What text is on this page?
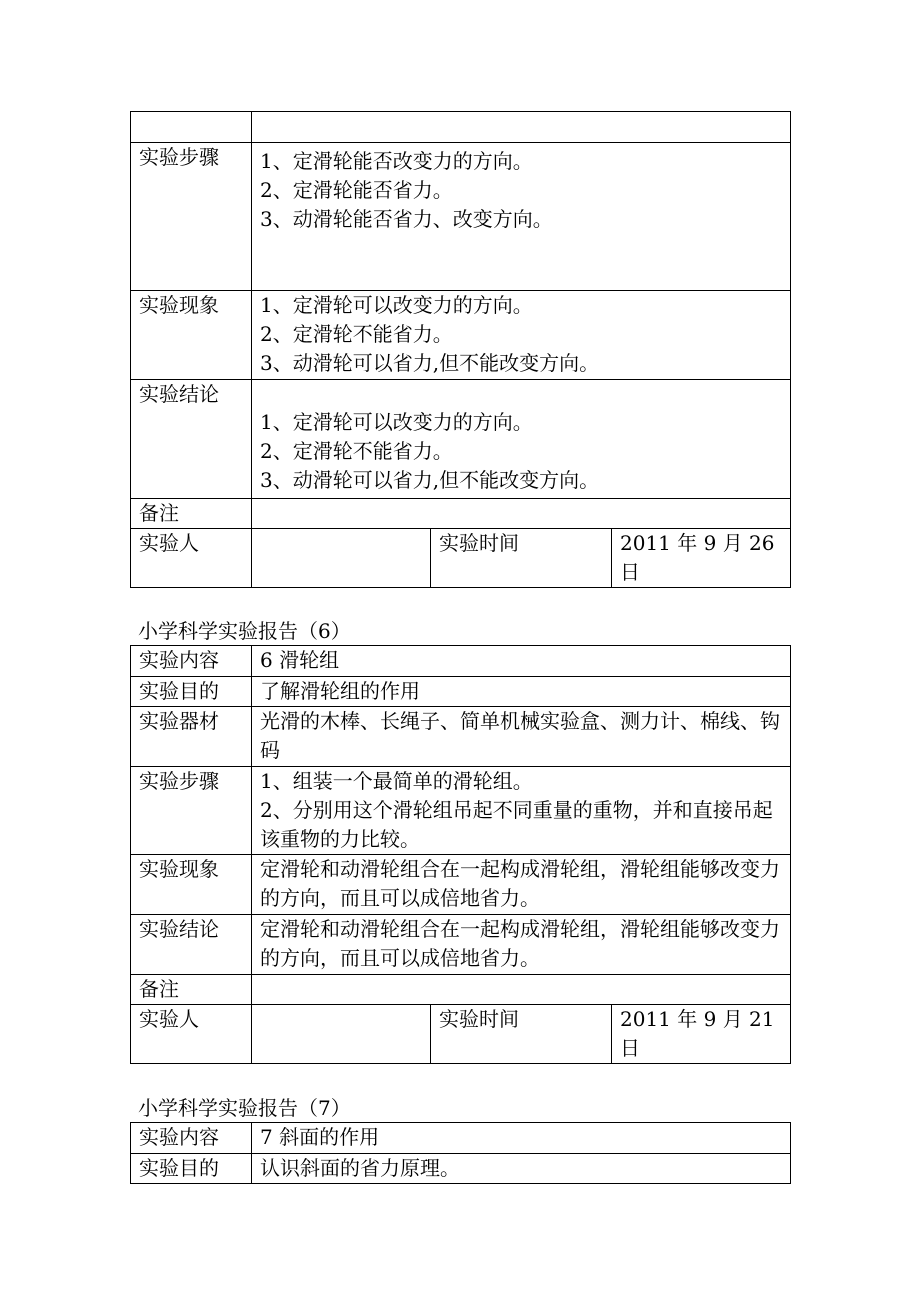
实验步骤	1、定滑轮能否改变力的方向。
2、定滑轮能否省力。
3、动滑轮能否省力、改变方向。		

实验现象	1、定滑轮可以改变力的方向。
2、定滑轮不能省力。
3、动滑轮可以省力,但不能改变方向。		

实验结论	1、定滑轮可以改变力的方向。
2、定滑轮不能省力。
3、动滑轮可以省力,但不能改变方向。		

备注			
实验人		实验时间	2011 年 9 月 26 日
小学科学实验报告（6）
实验内容	6 滑轮组		
实验目的	了解滑轮组的作用		
实验器材	光滑的木棒、长绳子、简单机械实验盒、测力计、棉线、钩码		
实验步骤	1、组装一个最简单的滑轮组。
2、分别用这个滑轮组吊起不同重量的重物，并和直接吊起该重物的力比较。		

实验现象	定滑轮和动滑轮组合在一起构成滑轮组，滑轮组能够改变力的方向，而且可以成倍地省力。		
实验结论	定滑轮和动滑轮组合在一起构成滑轮组，滑轮组能够改变力的方向，而且可以成倍地省力。		
备注			
实验人		实验时间	2011 年 9 月 21 日
小学科学实验报告（7）
实验内容	7 斜面的作用
实验目的	认识斜面的省力原理。
